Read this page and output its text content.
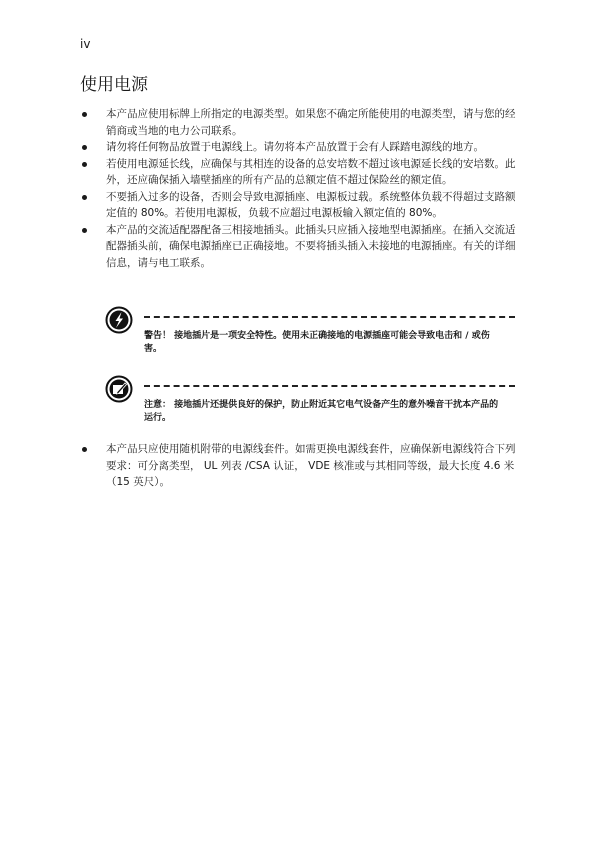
iv
使用电源
本产品应使用标牌上所指定的电源类型。如果您不确定所能使用的电源类型，请与您的经销商或当地的电力公司联系。
请勿将任何物品放置于电源线上。请勿将本产品放置于会有人踩踏电源线的地方。
若使用电源延长线，应确保与其相连的设备的总安培数不超过该电源延长线的安培数。此外，还应确保插入墙壁插座的所有产品的总额定值不超过保险丝的额定值。
不要插入过多的设备，否则会导致电源插座、电源板过载。系统整体负载不得超过支路额定值的 80%。若使用电源板，负载不应超过电源板输入额定值的 80%。
本产品的交流适配器配备三相接地插头。此插头只应插入接地型电源插座。在插入交流适配器插头前，确保电源插座已正确接地。不要将插头插入未接地的电源插座。有关的详细信息，请与电工联系。
警告！ 接地插片是一项安全特性。使用未正确接地的电源插座可能会导致电击和 / 或伤害。
注意： 接地插片还提供良好的保护，防止附近其它电气设备产生的意外噪音干扰本产品的运行。
本产品只应使用随机附带的电源线套件。如需更换电源线套件，应确保新电源线符合下列要求：可分离类型， UL 列表 /CSA 认证， VDE 核准或与其相同等级，最大长度 4.6 米 （15 英尺）。
